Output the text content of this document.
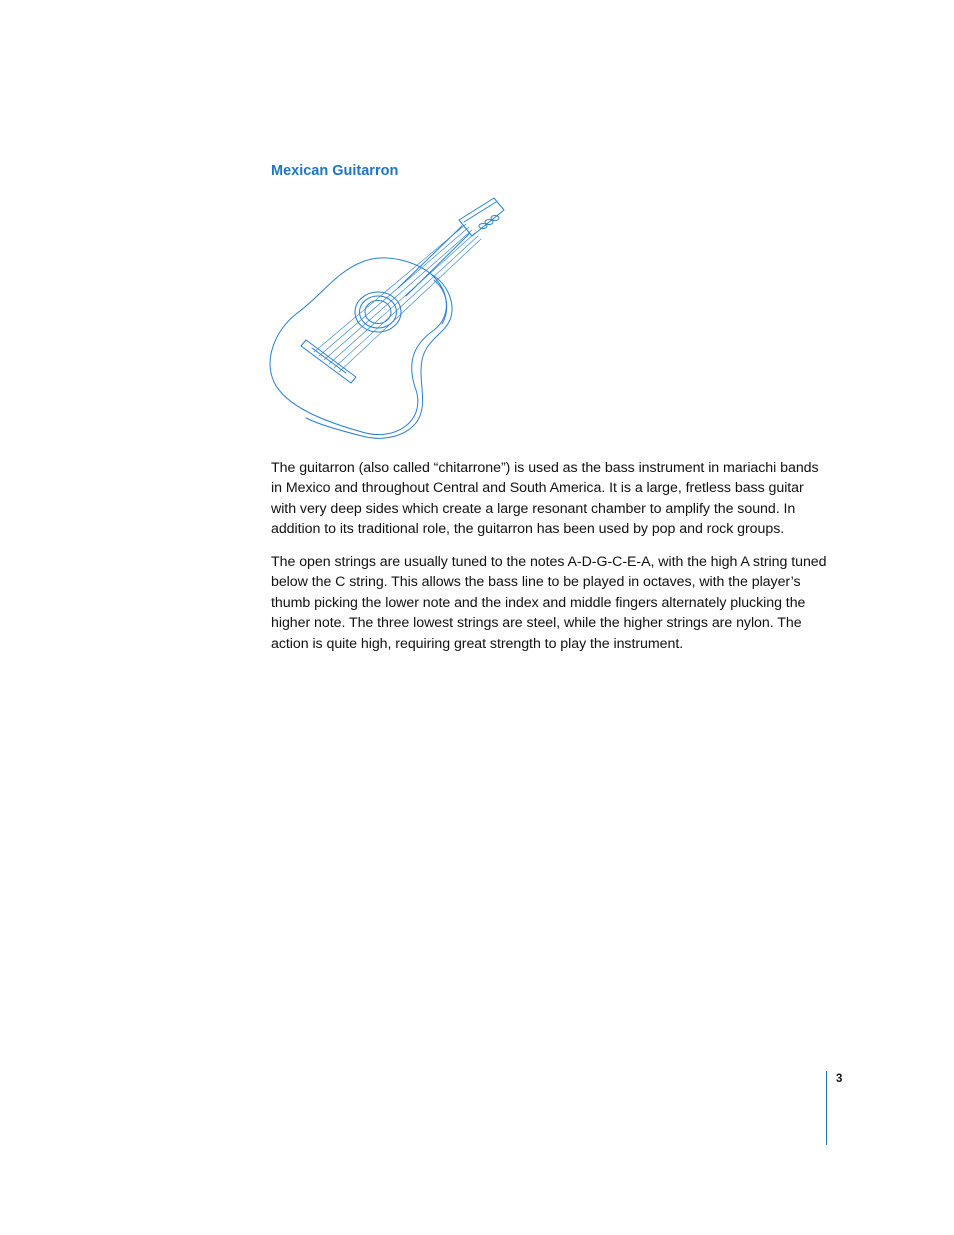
Mexican Guitarron

The guitarron (also called “chitarrone”) is used as the bass instrument in mariachi bands in Mexico and throughout Central and South America. It is a large, fretless bass guitar with very deep sides which create a large resonant chamber to amplify the sound. In addition to its traditional role, the guitarron has been used by pop and rock groups.

The open strings are usually tuned to the notes A-D-G-C-E-A, with the high A string tuned below the C string. This allows the bass line to be played in octaves, with the player’s thumb picking the lower note and the index and middle fingers alternately plucking the higher note. The three lowest strings are steel, while the higher strings are nylon. The action is quite high, requiring great strength to play the instrument.

3
